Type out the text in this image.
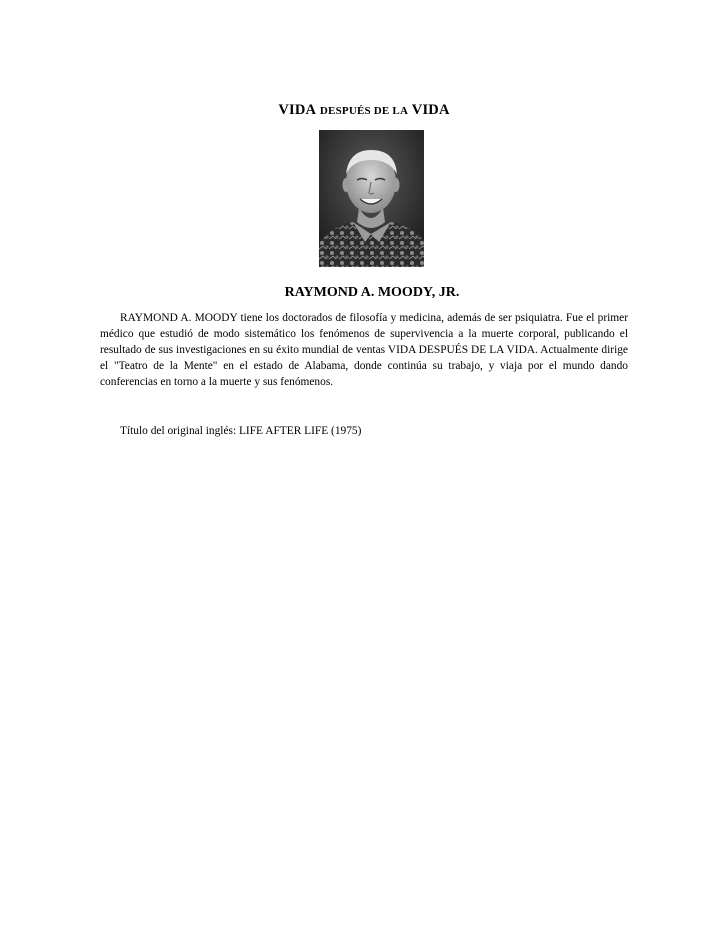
VIDA DESPUÉS DE LA VIDA
RAYMOND A. MOODY, JR.

RAYMOND A. MOODY tiene los doctorados de filosofía y medicina, además de ser psiquiatra. Fue el primer médico que estudió de modo sistemático los fenómenos de supervivencia a la muerte corporal, publicando el resultado de sus investigaciones en su éxito mundial de ventas VIDA DESPUÉS DE LA VIDA. Actualmente dirige el "Teatro de la Mente" en el estado de Alabama, donde continúa su trabajo, y viaja por el mundo dando conferencias en torno a la muerte y sus fenómenos.

Título del original inglés: LIFE AFTER LIFE (1975)
